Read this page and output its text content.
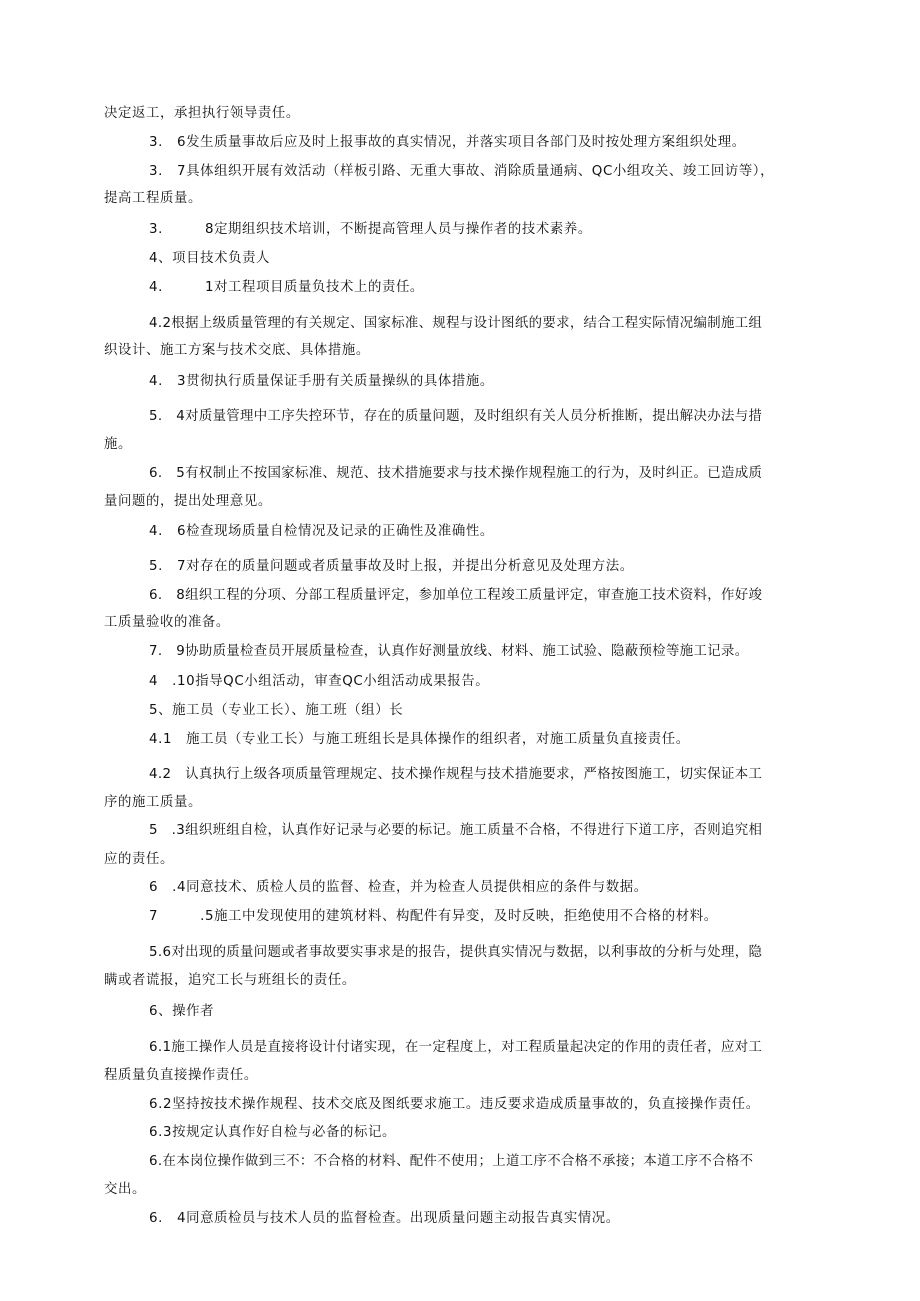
决定返工，承担执行领导责任。
3.　6发生质量事故后应及时上报事故的真实情况，并落实项目各部门及时按处理方案组织处理。
3.　7具体组织开展有效活动（样板引路、无重大事故、消除质量通病、QC小组攻关、竣工回访等），
提高工程质量。
3.　　　8定期组织技术培训，不断提高管理人员与操作者的技术素养。
4、项目技术负责人
4.　　　1对工程项目质量负技术上的责任。
4.2根据上级质量管理的有关规定、国家标准、规程与设计图纸的要求，结合工程实际情况编制施工组
织设计、施工方案与技术交底、具体措施。
4.　3贯彻执行质量保证手册有关质量操纵的具体措施。
5.　4对质量管理中工序失控环节，存在的质量问题，及时组织有关人员分析推断，提出解决办法与措
施。
6.　5有权制止不按国家标准、规范、技术措施要求与技术操作规程施工的行为，及时纠正。已造成质
量问题的，提出处理意见。
4.　6检查现场质量自检情况及记录的正确性及准确性。
5.　7对存在的质量问题或者质量事故及时上报，并提出分析意见及处理方法。
6.　8组织工程的分项、分部工程质量评定，参加单位工程竣工质量评定，审查施工技术资料，作好竣
工质量验收的准备。
7.　9协助质量检查员开展质量检查，认真作好测量放线、材料、施工试验、隐蔽预检等施工记录。
4　.10指导QC小组活动，审查QC小组活动成果报告。
5、施工员（专业工长）、施工班（组）长
4.1　施工员（专业工长）与施工班组长是具体操作的组织者，对施工质量负直接责任。
4.2　认真执行上级各项质量管理规定、技术操作规程与技术措施要求，严格按图施工，切实保证本工
序的施工质量。
5　.3组织班组自检，认真作好记录与必要的标记。施工质量不合格，不得进行下道工序，否则追究相
应的责任。
6　.4同意技术、质检人员的监督、检查，并为检查人员提供相应的条件与数据。
7　　　.5施工中发现使用的建筑材料、构配件有异变，及时反映，拒绝使用不合格的材料。
5.6对出现的质量问题或者事故要实事求是的报告，提供真实情况与数据，以利事故的分析与处理，隐
瞒或者谎报，追究工长与班组长的责任。
6、操作者
6.1施工操作人员是直接将设计付诸实现，在一定程度上，对工程质量起决定的作用的责任者，应对工
程质量负直接操作责任。
6.2坚持按技术操作规程、技术交底及图纸要求施工。违反要求造成质量事故的，负直接操作责任。
6.3按规定认真作好自检与必备的标记。
6.在本岗位操作做到三不：不合格的材料、配件不使用；上道工序不合格不承接；本道工序不合格不
交出。
6.　4同意质检员与技术人员的监督检查。出现质量问题主动报告真实情况。
